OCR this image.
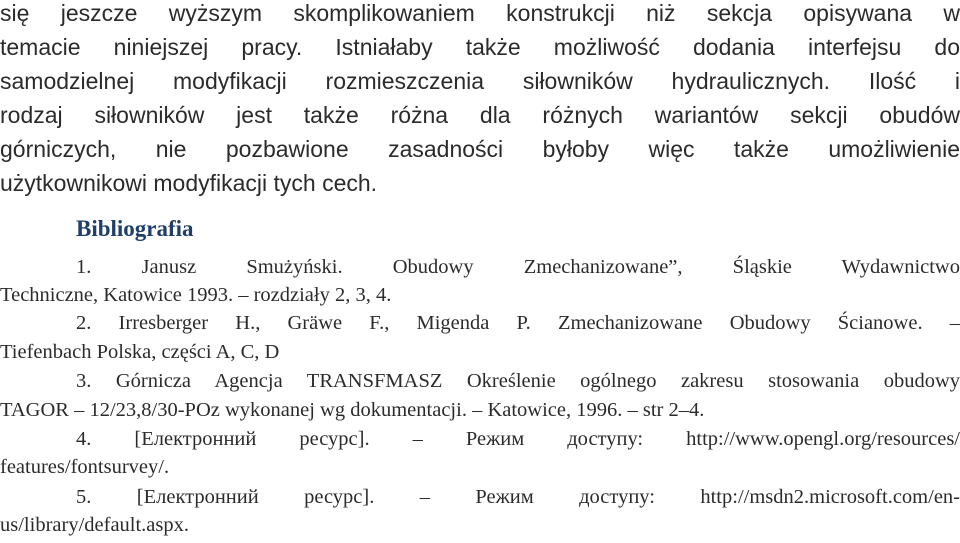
się jeszcze wyższym skomplikowaniem konstrukcji niż sekcja opisywana w

temacie niniejszej pracy. Istniałaby także możliwość dodania interfejsu do

samodzielnej modyfikacji rozmieszczenia siłowników hydraulicznych. Ilość i

rodzaj siłowników jest także różna dla różnych wariantów sekcji obudów

górniczych, nie pozbawione zasadności byłoby więc także umożliwienie

użytkownikowi modyfikacji tych cech.

Bibliografia

1. Janusz Smużyński. Obudowy Zmechanizowane”, Śląskie Wydawnictwo

Techniczne, Katowice 1993. – rozdziały 2, 3, 4.

2. Irresberger H., Gräwe F., Migenda P. Zmechanizowane Obudowy Ścianowe. –

Tiefenbach Polska, części A, C, D

3. Górnicza Agencja TRANSFMASZ Określenie ogólnego zakresu stosowania obudowy

TAGOR – 12/23,8/30-POz wykonanej wg dokumentacji. – Katowice, 1996. – str 2–4.

4. [Електронний ресурс]. – Режим доступу: http://www.opengl.org/resources/

features/fontsurvey/.

5. [Електронний ресурс]. – Режим доступу: http://msdn2.microsoft.com/en-

us/library/default.aspx.
